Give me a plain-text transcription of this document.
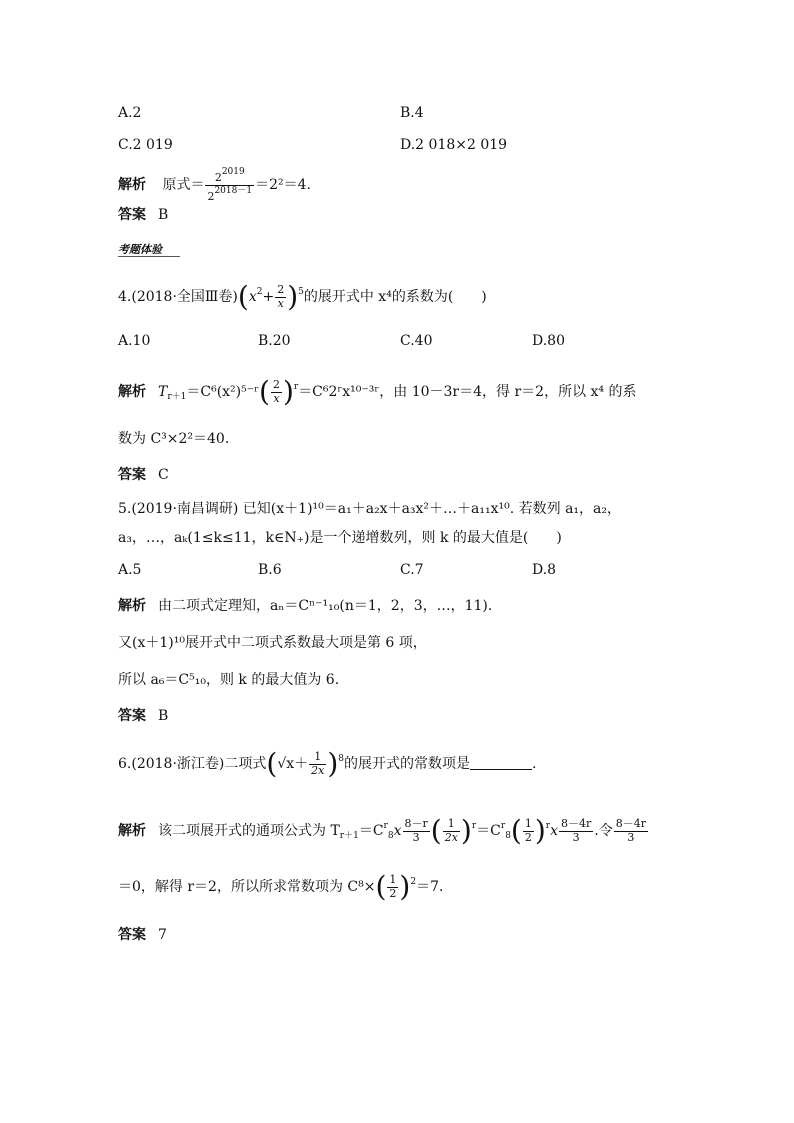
A.2	B.4
C.2 019	D.2 018×2 019
解析 原式＝ $\frac{2^{2019}}{2^{2018-1}} =2^2=4$.
答案 B
考题体验
4.(2018·全国Ⅲ卷)$(x^2+ \frac{2}{x} )^5$的展开式中 x⁴的系数为(　　)
A.10	B.20	C.40	D.80
解析 $T_{r+1}=C^6(x^2)^{5-}ʳ( \frac{2}{x}$ )$^r$＝C⁶2ʳx¹⁰⁻³ʳ，由 10－3r＝4，得 r＝2，所以 x⁴ 的系
数为 C³×2²＝40.
答案 C
5.(2019·南昌调研) 已知(x＋1)¹⁰＝a₁＋a₂x＋a₃x²＋…＋a₁₁x¹⁰. 若数列 a₁，a₂，
a₃，…，aₖ(1≤k≤11，k∈N₊)是一个递增数列，则 k 的最大值是(　　)
A.5	B.6	C.7	D.8
解析 由二项式定理知，aₙ＝Cⁿ⁻¹₁₀(n＝1，2，3，…，11).
又(x＋1)¹⁰展开式中二项式系数最大项是第 6 项，
所以 a₆＝C⁵₁₀，则 k 的最大值为 6.
答案 B
6.(2018·浙江卷)二项式$(√x+ \frac{1}{2x} )^8$的展开式的常数项是	.
解析 该二项展开式的通项公式为 $T_{r+1}=C^r_8x \frac{8-r}{3}$ ( $\frac{1}{2x} )^r=C^r_8( \frac{1}{2} )^rx \frac{8-4r}{3}$ .令 $\frac{8-4r}{3}$
＝0，解得 r＝2，所以所求常数项为 $C^8\times( \frac{1}{2} )^2=7$.
答案 7
